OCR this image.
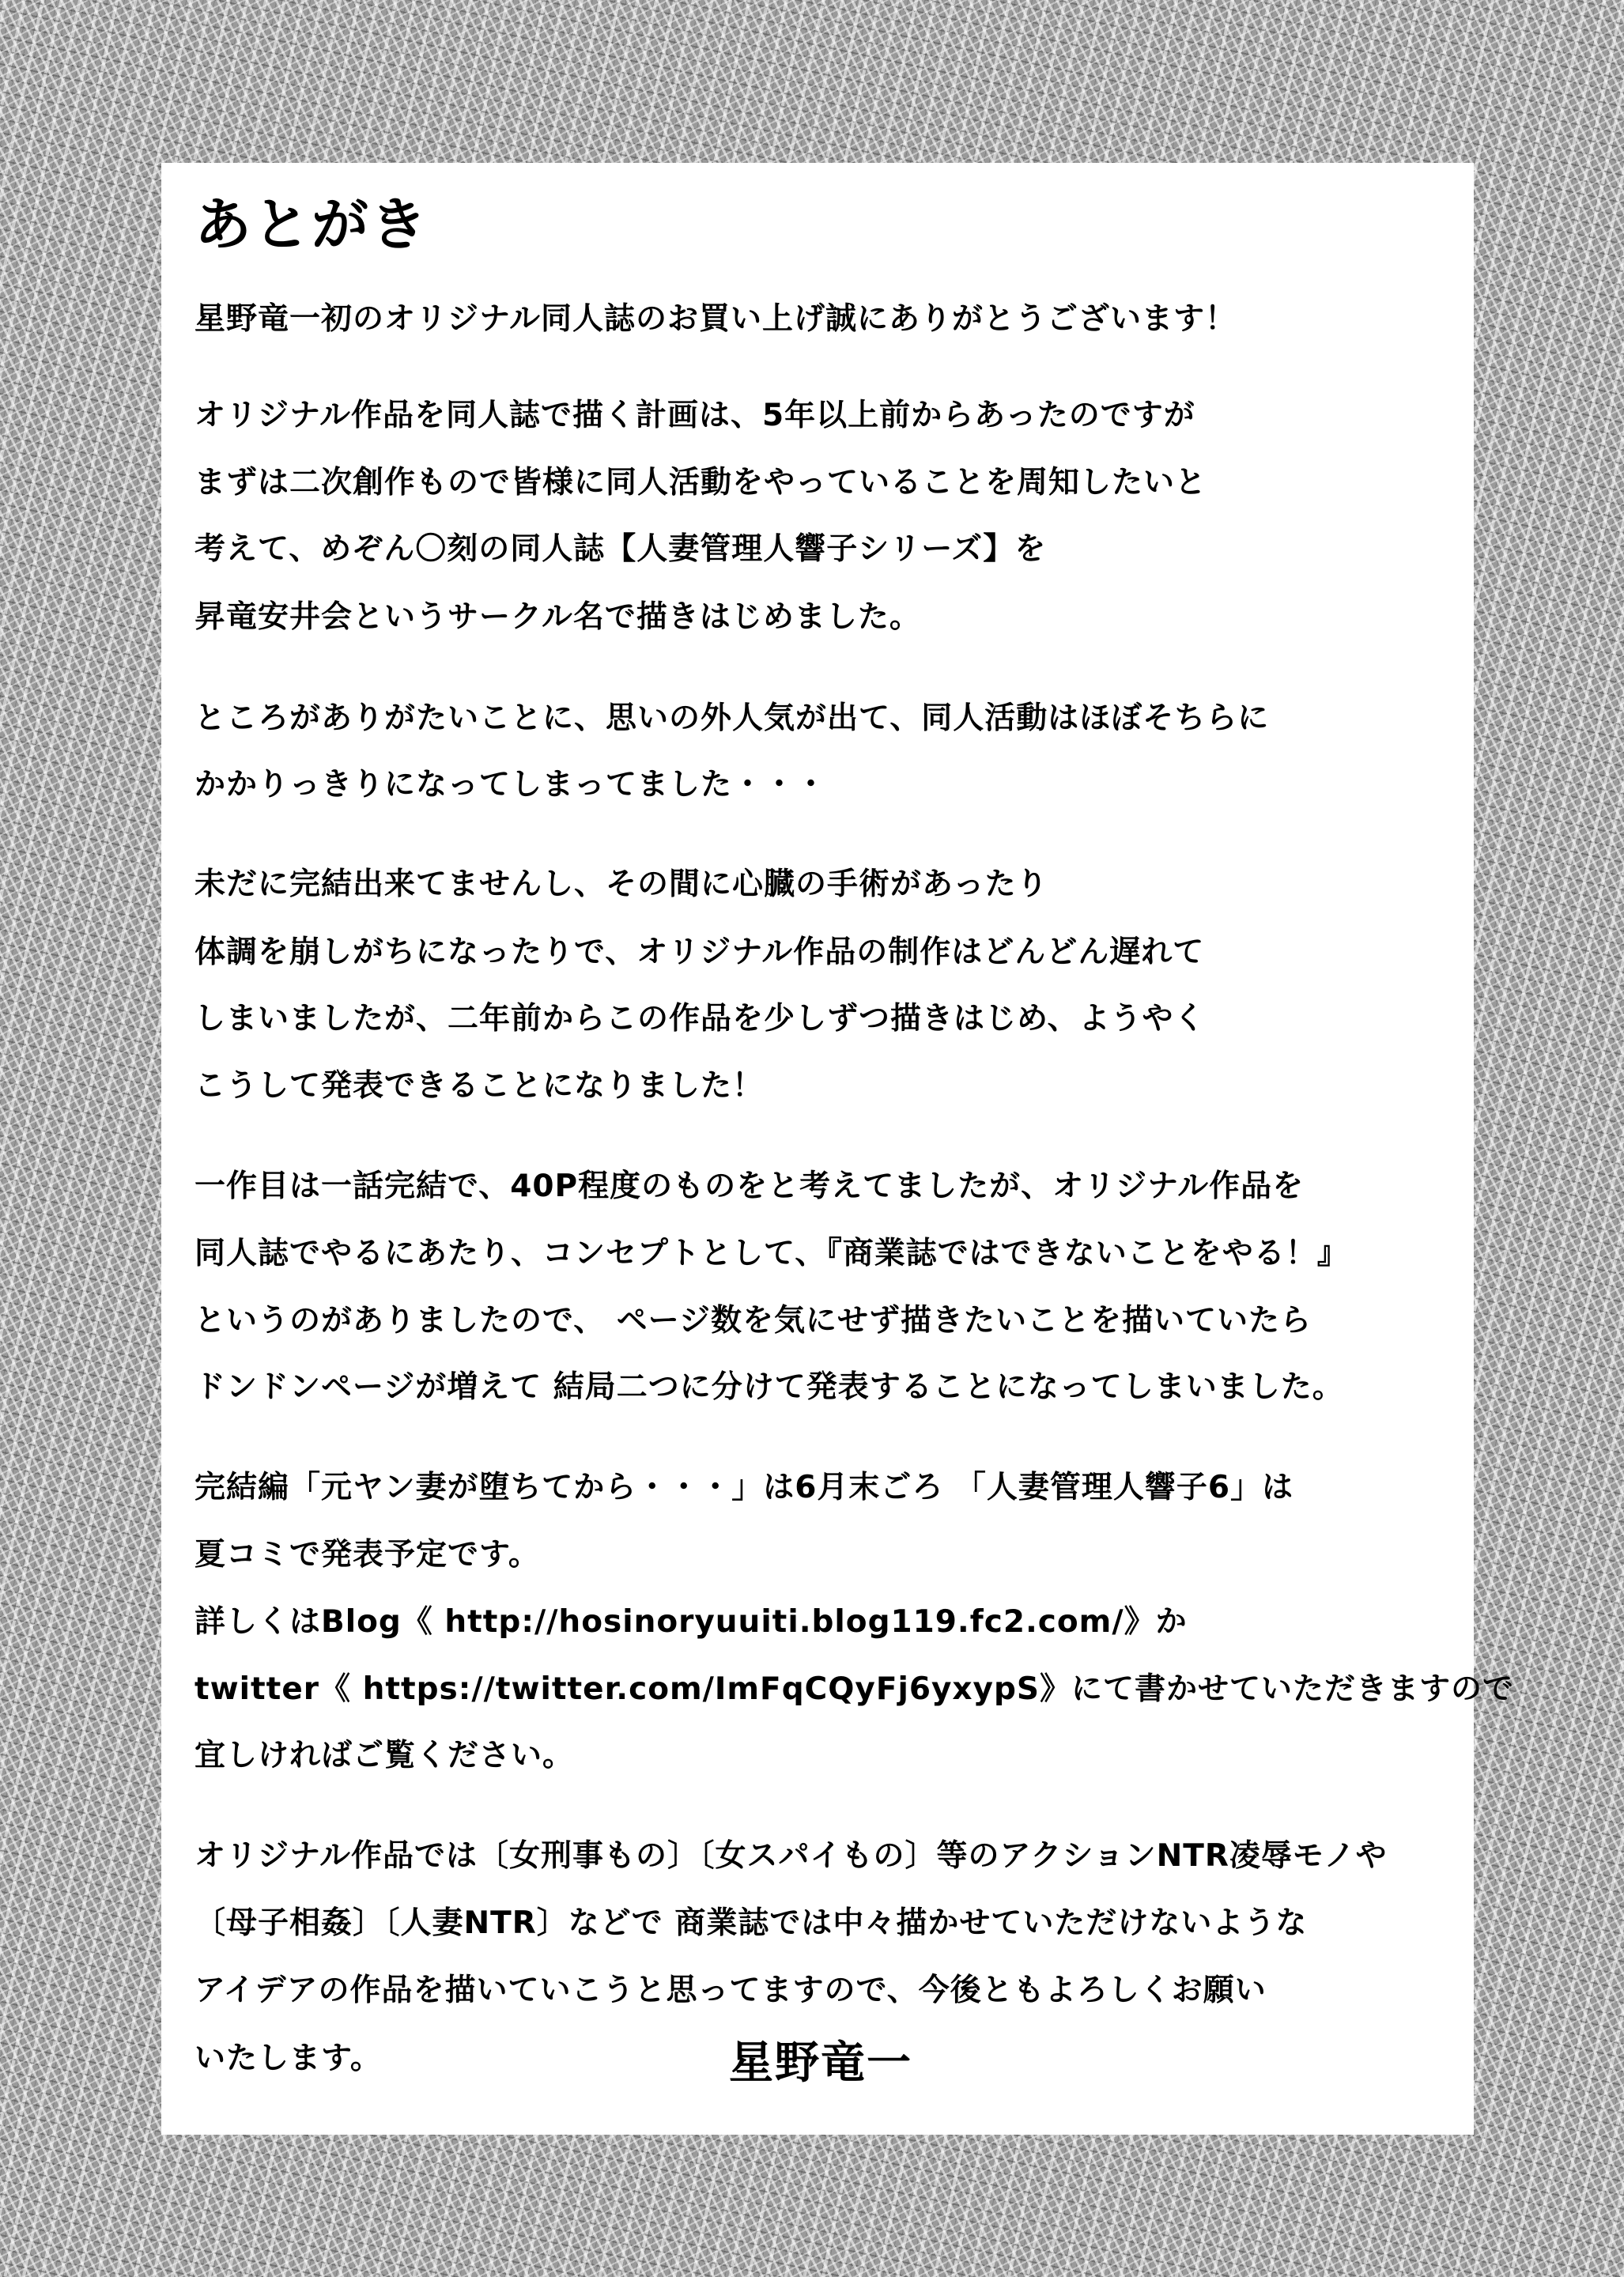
あとがき

星野竜一初のオリジナル同人誌のお買い上げ誠にありがとうございます！

オリジナル作品を同人誌で描く計画は、5年以上前からあったのですが

まずは二次創作もので皆様に同人活動をやっていることを周知したいと

考えて、めぞん〇刻の同人誌【人妻管理人響子シリーズ】を

昇竜安井会というサークル名で描きはじめました。

ところがありがたいことに、思いの外人気が出て、同人活動はほぼそちらに

かかりっきりになってしまってました・・・

未だに完結出来てませんし、その間に心臓の手術があったり

体調を崩しがちになったりで、オリジナル作品の制作はどんどん遅れて

しまいましたが、二年前からこの作品を少しずつ描きはじめ、ようやく

こうして発表できることになりました！

一作目は一話完結で、40P程度のものをと考えてましたが、オリジナル作品を

同人誌でやるにあたり、コンセプトとして、『商業誌ではできないことをやる！』

というのがありましたので、 ページ数を気にせず描きたいことを描いていたら

ドンドンページが増えて 結局二つに分けて発表することになってしまいました。

完結編「元ヤン妻が堕ちてから・・・」は6月末ごろ 「人妻管理人響子6」は

夏コミで発表予定です。

詳しくはBlog《 http://hosinoryuuiti.blog119.fc2.com/》か

twitter《 https://twitter.com/ImFqCQyFj6yxypS》にて書かせていただきますので

宜しければご覧ください。

オリジナル作品では〔女刑事もの〕〔女スパイもの〕等のアクションNTR凌辱モノや

〔母子相姦〕〔人妻NTR〕などで 商業誌では中々描かせていただけないような

アイデアの作品を描いていこうと思ってますので、今後ともよろしくお願い

いたします。	星野竜一
